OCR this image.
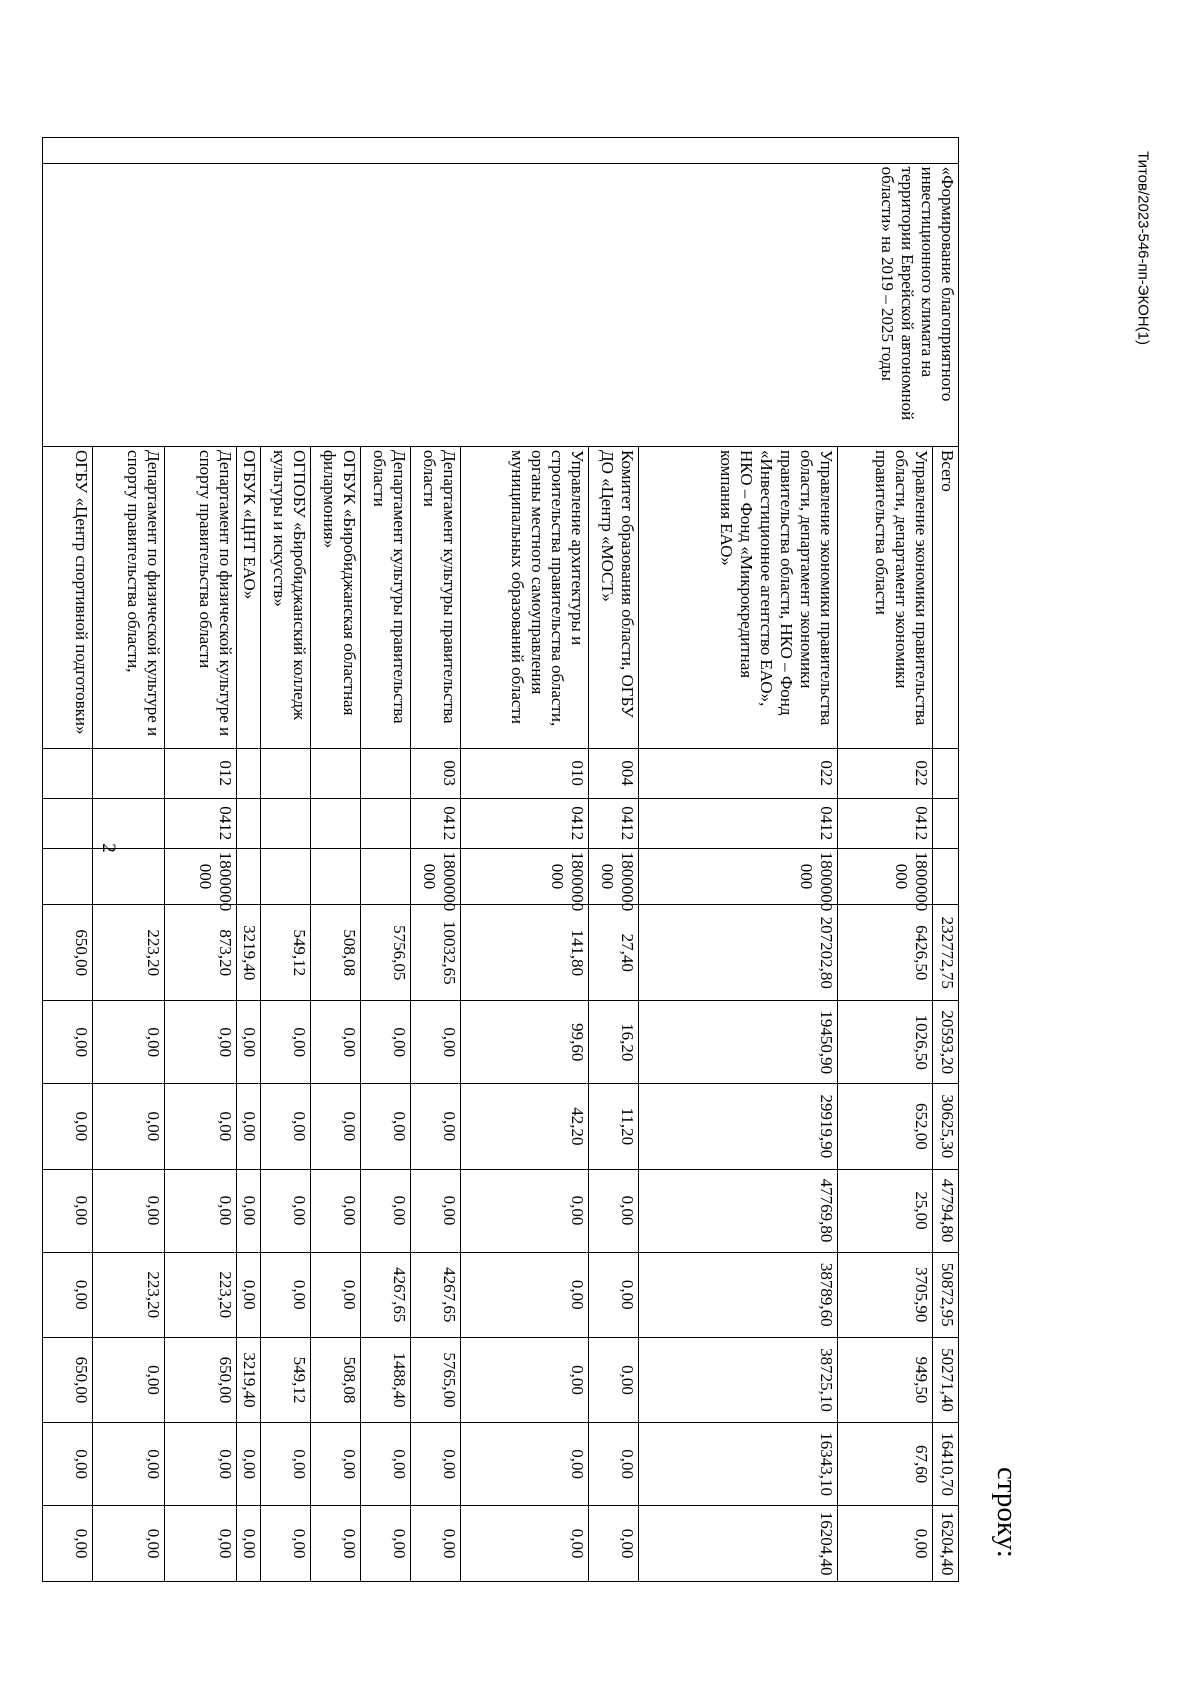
2
Титов/2023-546-пп-ЭКОН(1)
строку:
	«Формирование благоприятного инвестиционного климата на территории Еврейской автономной области» на 2019 – 2025 годы	Всего				232772,75	20593,20	30625,30	47794,80	50872,95	50271,40	16410,70	16204,40
		Управление экономики правительства области, департамент экономики правительства области	022	0412	1800000 000	6426,50	1026,50	652,00	25,00	3705,90	949,50	67,60	0,00
		Управление экономики правительства области, департамент экономики правительства области, НКО – Фонд «Инвестиционное агентство ЕАО», НКО – Фонд «Микрокредитная компания ЕАО»	022	0412	1800000 000	207202,80	19450,90	29919,90	47769,80	38789,60	38725,10	16343,10	16204,40
		Комитет образования области, ОГБУ ДО «Центр «МОСТ»	004	0412	1800000 000	27,40	16,20	11,20	0,00	0,00	0,00	0,00	0,00
		Управление архитектуры и строительства правительства области, органы местного самоуправления муниципальных образований области	010	0412	1800000 000	141,80	99,60	42,20	0,00	0,00	0,00	0,00	0,00
		Департамент культуры правительства области	003	0412	1800000 000	10032,65	0,00	0,00	0,00	4267,65	5765,00	0,00	0,00
		Департамент культуры правительства области				5756,05	0,00	0,00	0,00	4267,65	1488,40	0,00	0,00
		ОГБУК «Биробиджанская областная филармония»				508,08	0,00	0,00	0,00	0,00	508,08	0,00	0,00
		ОГПОБУ «Биробиджанский колледж культуры и искусств»				549,12	0,00	0,00	0,00	0,00	549,12	0,00	0,00
		ОГБУК «ЦНТ ЕАО»				3219,40	0,00	0,00	0,00	0,00	3219,40	0,00	0,00
		Департамент по физической культуре и спорту правительства области	012	0412	1800000 000	873,20	0,00	0,00	0,00	223,20	650,00	0,00	0,00
		Департамент по физической культуре и спорту правительства области,				223,20	0,00	0,00	0,00	223,20	0,00	0,00	0,00
		ОГБУ «Центр спортивной подготовки»				650,00	0,00	0,00	0,00	0,00	650,00	0,00	0,00
